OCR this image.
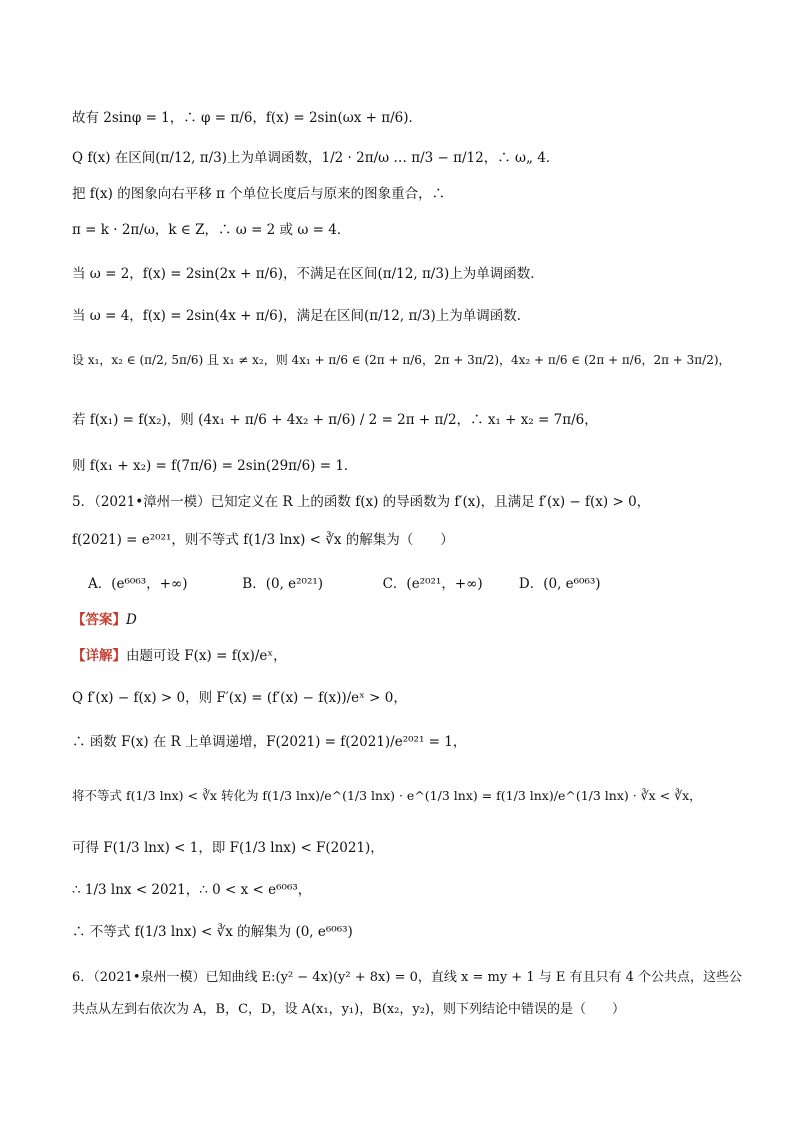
故有 2sinφ = 1，∴ φ = π/6，f(x) = 2sin(ωx + π/6)．
Q f(x) 在区间(π/12, π/3)上为单调函数，1/2 · 2π/ω … π/3 − π/12，∴ ω„ 4．
把 f(x) 的图象向右平移 π 个单位长度后与原来的图象重合，∴
π = k · 2π/ω，k ∈ Z，∴ ω = 2 或 ω = 4．
当 ω = 2，f(x) = 2sin(2x + π/6)，不满足在区间(π/12, π/3)上为单调函数．
当 ω = 4，f(x) = 2sin(4x + π/6)，满足在区间(π/12, π/3)上为单调函数．
设 x₁，x₂ ∈ (π/2, 5π/6) 且 x₁ ≠ x₂，则 4x₁ + π/6 ∈ (2π + π/6，2π + 3π/2)，4x₂ + π/6 ∈ (2π + π/6，2π + 3π/2)，
若 f(x₁) = f(x₂)，则 (4x₁ + π/6 + 4x₂ + π/6) / 2 = 2π + π/2，∴ x₁ + x₂ = 7π/6，
则 f(x₁ + x₂) = f(7π/6) = 2sin(29π/6) = 1．
5．（2021•漳州一模）已知定义在 R 上的函数 f(x) 的导函数为 f′(x)，且满足 f′(x) − f(x) > 0，
f(2021) = e²⁰²¹，则不等式 f(1/3 lnx) < ∛x 的解集为（　　）
A．(e⁶⁰⁶³，+∞)	B．(0, e²⁰²¹)	C．(e²⁰²¹，+∞)	D．(0, e⁶⁰⁶³)
【答案】D
【详解】由题可设 F(x) = f(x)/eˣ，
Q f′(x) − f(x) > 0，则 F′(x) = (f′(x) − f(x))/eˣ > 0，
∴ 函数 F(x) 在 R 上单调递增，F(2021) = f(2021)/e²⁰²¹ = 1，
将不等式 f(1/3 lnx) < ∛x 转化为 f(1/3 lnx)/e^(1/3 lnx) · e^(1/3 lnx) = f(1/3 lnx)/e^(1/3 lnx) · ∛x < ∛x，
可得 F(1/3 lnx) < 1，即 F(1/3 lnx) < F(2021)，
∴ 1/3 lnx < 2021，∴ 0 < x < e⁶⁰⁶³，
∴ 不等式 f(1/3 lnx) < ∛x 的解集为 (0, e⁶⁰⁶³)
6．（2021•泉州一模）已知曲线 E:(y² − 4x)(y² + 8x) = 0，直线 x = my + 1 与 E 有且只有 4 个公共点，这些公
共点从左到右依次为 A，B，C，D，设 A(x₁，y₁)，B(x₂，y₂)，则下列结论中错误的是（　　）
